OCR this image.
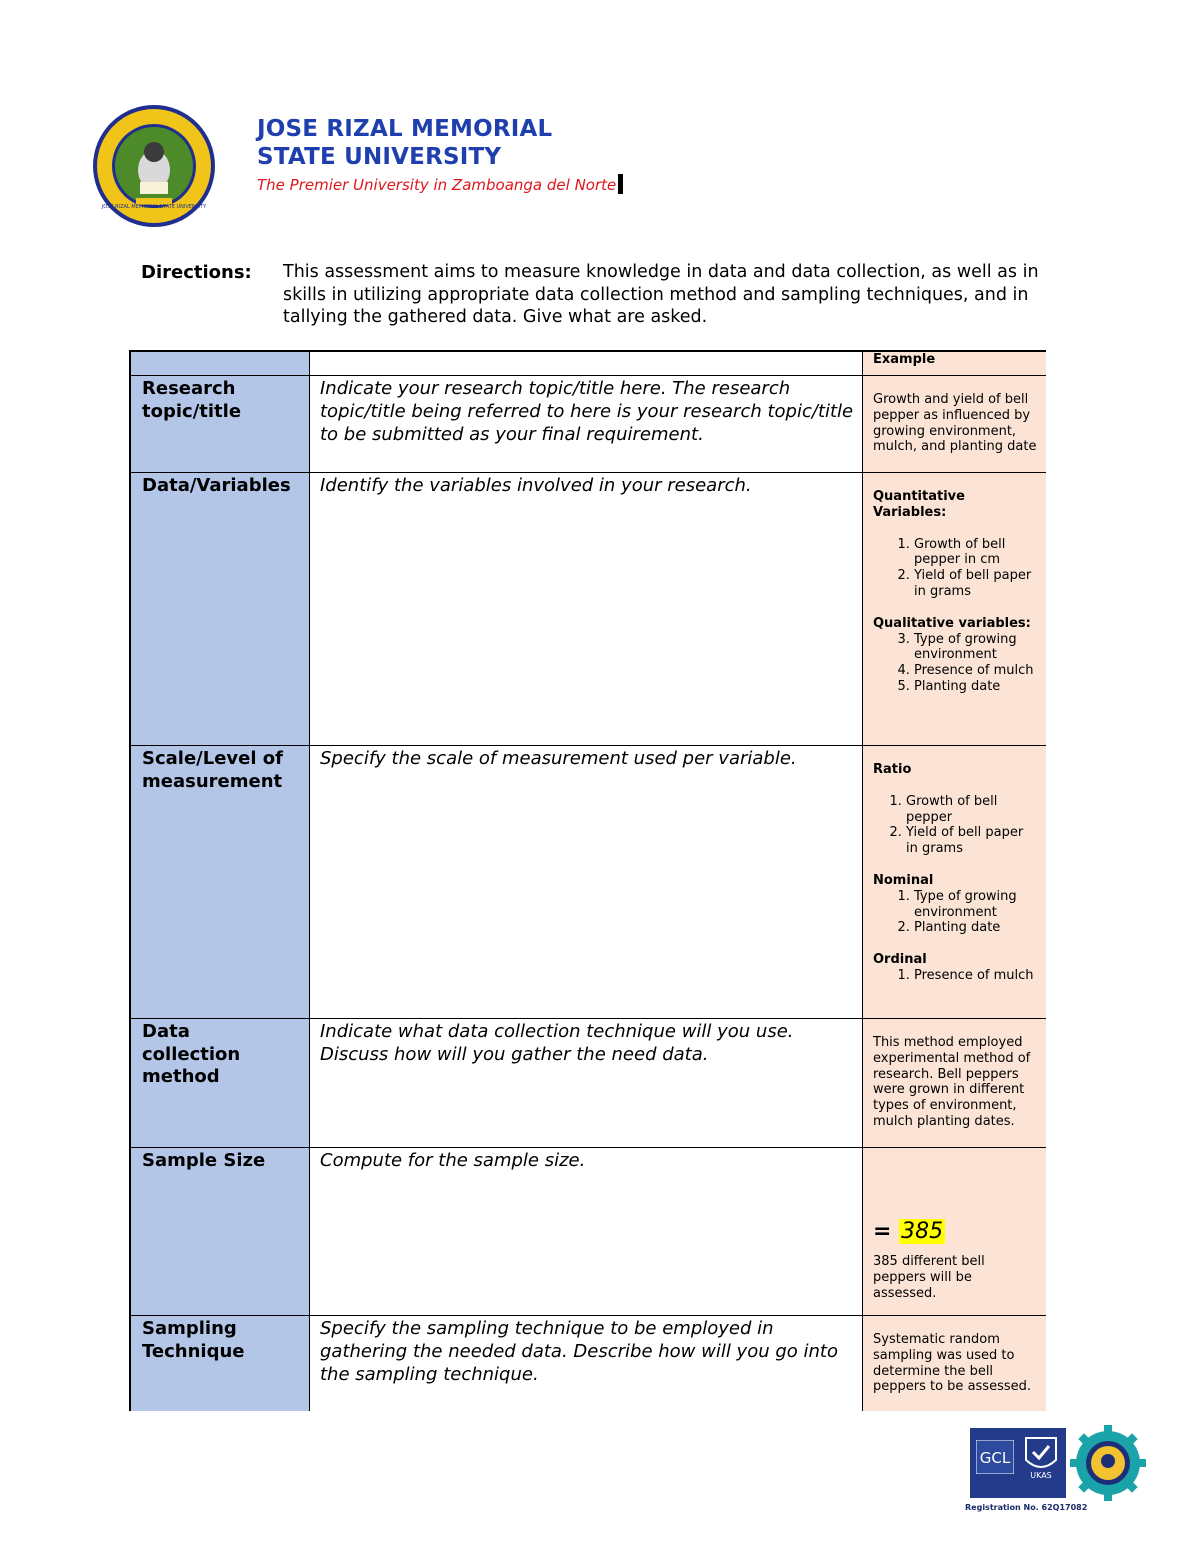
JOSE RIZAL MEMORIAL STATE UNIVERSITY
JOSE RIZAL MEMORIAL
STATE UNIVERSITY
The Premier University in Zamboanga del Norte
Directions: This assessment aims to measure knowledge in data and data collection, as well as in skills in utilizing appropriate data collection method and sampling techniques, and in tallying the gathered data. Give what are asked.
Example
Research topic/title
Indicate your research topic/title here. The research topic/title being referred to here is your research topic/title to be submitted as your final requirement.
Growth and yield of bell pepper as influenced by growing environment, mulch, and planting date
Data/Variables	Identify the variables involved in your research.
Quantitative Variables:
1. Growth of bell pepper in cm
2. Yield of bell paper in grams
Qualitative variables:
3. Type of growing environment
4. Presence of mulch
5. Planting date
Scale/Level of measurement
Specify the scale of measurement used per variable.
Ratio
1. Growth of bell pepper
2. Yield of bell paper in grams
Nominal
1. Type of growing environment
2. Planting date
Ordinal
1. Presence of mulch
Data collection method
Indicate what data collection technique will you use. Discuss how will you gather the need data.
This method employed experimental method of research. Bell peppers were grown in different types of environment, mulch planting dates.
Sample Size	Compute for the sample size.
= 385
385 different bell peppers will be assessed.
Sampling Technique
Specify the sampling technique to be employed in gathering the needed data. Describe how will you go into the sampling technique.
Systematic random sampling was used to determine the bell peppers to be assessed.
GCL
UKAS
Registration No. 62Q17082
